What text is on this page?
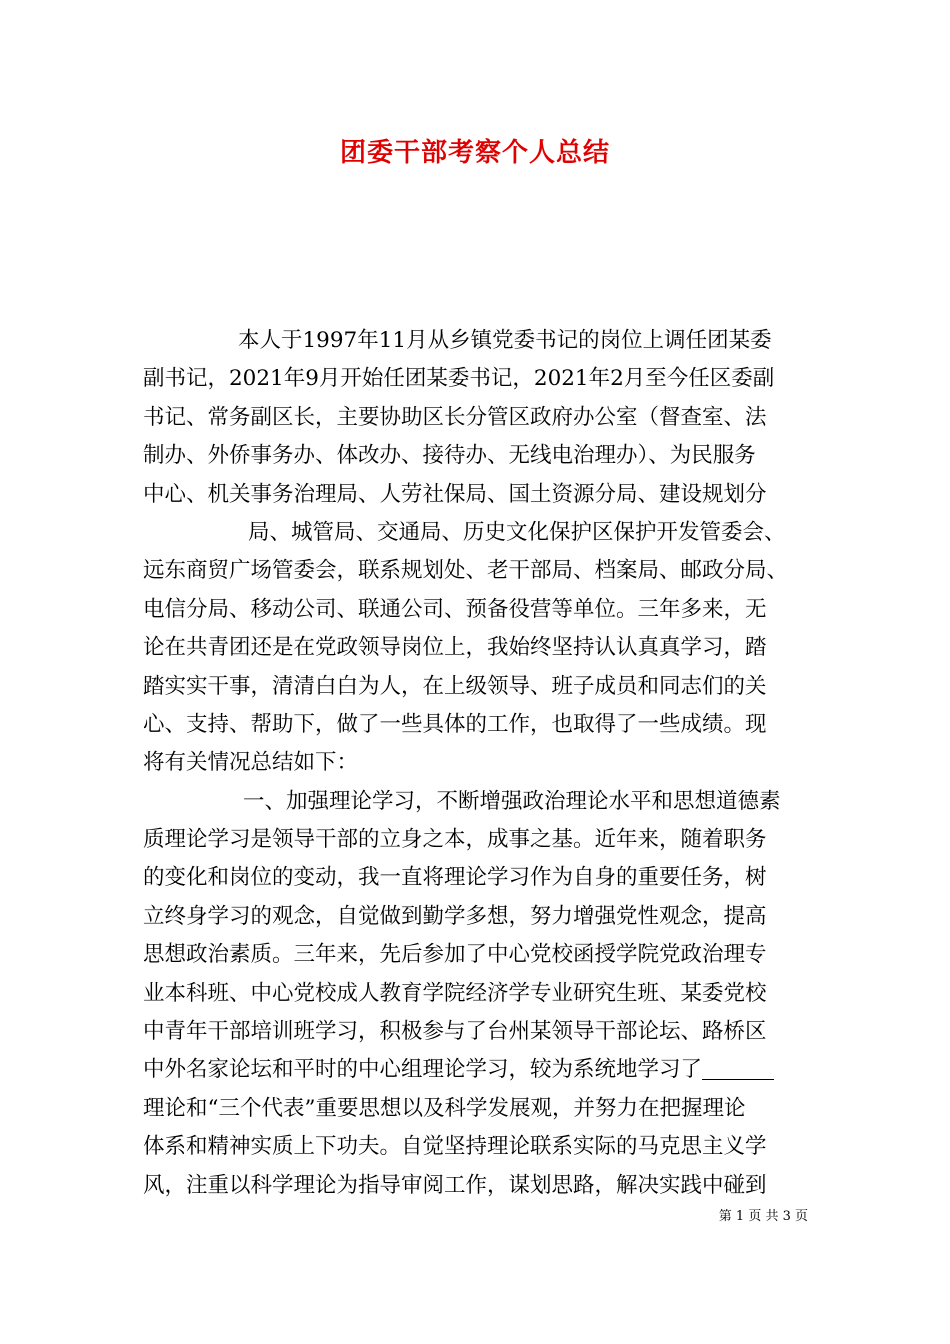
团委干部考察个人总结
本人于1997年11月从乡镇党委书记的岗位上调任团某委
副书记，2021年9月开始任团某委书记，2021年2月至今任区委副
书记、常务副区长，主要协助区长分管区政府办公室（督查室、法
制办、外侨事务办、体改办、接待办、无线电治理办）、为民服务
中心、机关事务治理局、人劳社保局、国土资源分局、建设规划分
局、城管局、交通局、历史文化保护区保护开发管委会、
远东商贸广场管委会，联系规划处、老干部局、档案局、邮政分局、
电信分局、移动公司、联通公司、预备役营等单位。三年多来，无
论在共青团还是在党政领导岗位上，我始终坚持认认真真学习，踏
踏实实干事，清清白白为人，在上级领导、班子成员和同志们的关
心、支持、帮助下，做了一些具体的工作，也取得了一些成绩。现
将有关情况总结如下：
一、加强理论学习，不断增强政治理论水平和思想道德素
质理论学习是领导干部的立身之本，成事之基。近年来，随着职务
的变化和岗位的变动，我一直将理论学习作为自身的重要任务，树
立终身学习的观念，自觉做到勤学多想，努力增强党性观念，提高
思想政治素质。三年来，先后参加了中心党校函授学院党政治理专
业本科班、中心党校成人教育学院经济学专业研究生班、某委党校
中青年干部培训班学习，积极参与了台州某领导干部论坛、路桥区
中外名家论坛和平时的中心组理论学习，较为系统地学习了
理论和“三个代表”重要思想以及科学发展观，并努力在把握理论
体系和精神实质上下功夫。自觉坚持理论联系实际的马克思主义学
风，注重以科学理论为指导审阅工作，谋划思路，解决实践中碰到
第 1 页 共 3 页
